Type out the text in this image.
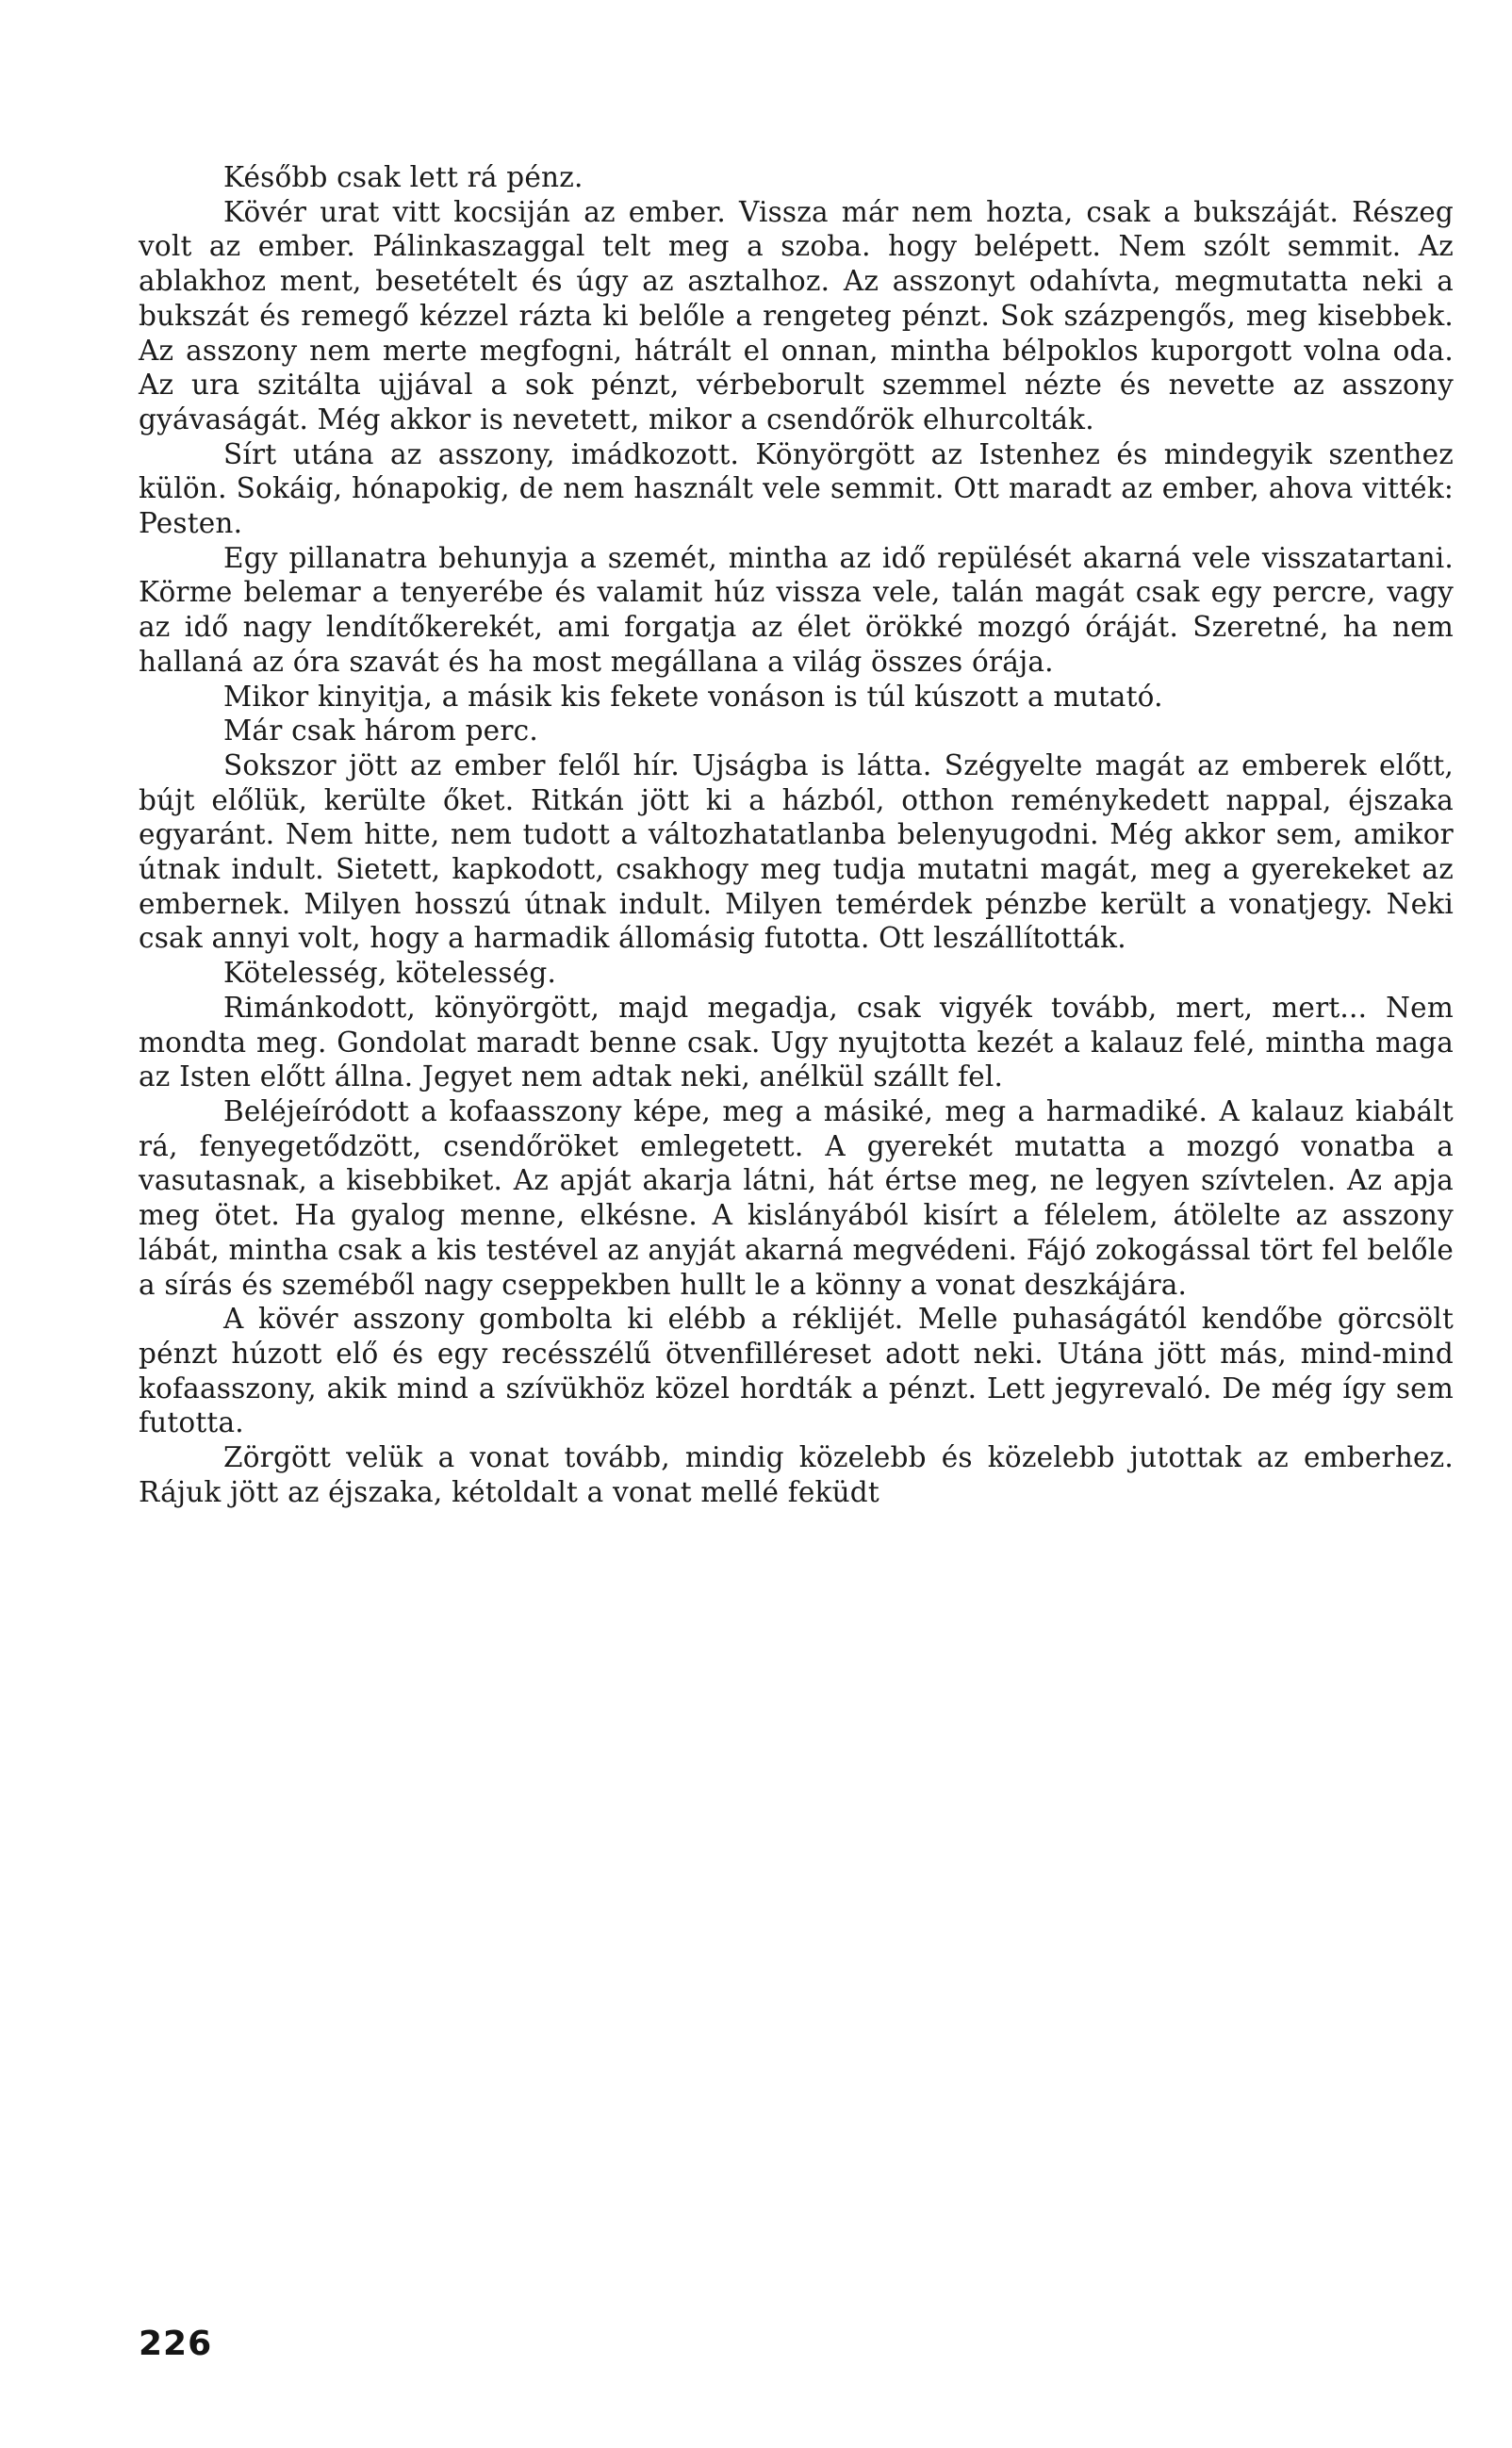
Később csak lett rá pénz.

Kövér urat vitt kocsiján az ember. Vissza már nem hozta, csak a bukszáját. Részeg volt az ember. Pálinkaszaggal telt meg a szoba. hogy belépett. Nem szólt semmit. Az ablakhoz ment, besetételt és úgy az asztalhoz. Az asszonyt odahívta, megmutatta neki a bukszát és remegő kézzel rázta ki belőle a rengeteg pénzt. Sok százpengős, meg kisebbek. Az asszony nem merte megfogni, hátrált el onnan, mintha bélpoklos kuporgott volna oda. Az ura szitálta ujjával a sok pénzt, vérbeborult szemmel nézte és nevette az asszony gyávaságát. Még akkor is nevetett, mikor a csendőrök elhurcolták.

Sírt utána az asszony, imádkozott. Könyörgött az Istenhez és mindegyik szenthez külön. Sokáig, hónapokig, de nem használt vele semmit. Ott maradt az ember, ahova vitték: Pesten.

Egy pillanatra behunyja a szemét, mintha az idő repülését akarná vele visszatartani. Körme belemar a tenyerébe és valamit húz vissza vele, talán magát csak egy percre, vagy az idő nagy lendítőkerekét, ami forgatja az élet örökké mozgó óráját. Szeretné, ha nem hallaná az óra szavát és ha most megállana a világ összes órája.

Mikor kinyitja, a másik kis fekete vonáson is túl kúszott a mutató.

Már csak három perc.

Sokszor jött az ember felől hír. Ujságba is látta. Szégyelte magát az emberek előtt, bújt előlük, kerülte őket. Ritkán jött ki a házból, otthon reménykedett nappal, éjszaka egyaránt. Nem hitte, nem tudott a változhatatlanba belenyugodni. Még akkor sem, amikor útnak indult. Sietett, kapkodott, csakhogy meg tudja mutatni magát, meg a gyerekeket az embernek. Milyen hosszú útnak indult. Milyen temérdek pénzbe került a vonatjegy. Neki csak annyi volt, hogy a harmadik állomásig futotta. Ott leszállították.

Kötelesség, kötelesség.

Rimánkodott, könyörgött, majd megadja, csak vigyék tovább, mert, mert... Nem mondta meg. Gondolat maradt benne csak. Ugy nyujtotta kezét a kalauz felé, mintha maga az Isten előtt állna. Jegyet nem adtak neki, anélkül szállt fel.

Beléjeíródott a kofaasszony képe, meg a másiké, meg a harmadiké. A kalauz kiabált rá, fenyegetődzött, csendőröket emlegetett. A gyerekét mutatta a mozgó vonatba a vasutasnak, a kisebbiket. Az apját akarja látni, hát értse meg, ne legyen szívtelen. Az apja meg ötet. Ha gyalog menne, elkésne. A kislányából kisírt a félelem, átölelte az asszony lábát, mintha csak a kis testével az anyját akarná megvédeni. Fájó zokogással tört fel belőle a sírás és szeméből nagy cseppekben hullt le a könny a vonat deszkájára.

A kövér asszony gombolta ki elébb a réklijét. Melle puhaságától kendőbe görcsölt pénzt húzott elő és egy recésszélű ötvenfilléreset adott neki. Utána jött más, mind-mind kofaasszony, akik mind a szívükhöz közel hordták a pénzt. Lett jegyrevaló. De még így sem futotta.

Zörgött velük a vonat tovább, mindig közelebb és közelebb jutottak az emberhez. Rájuk jött az éjszaka, kétoldalt a vonat mellé feküdt

226
